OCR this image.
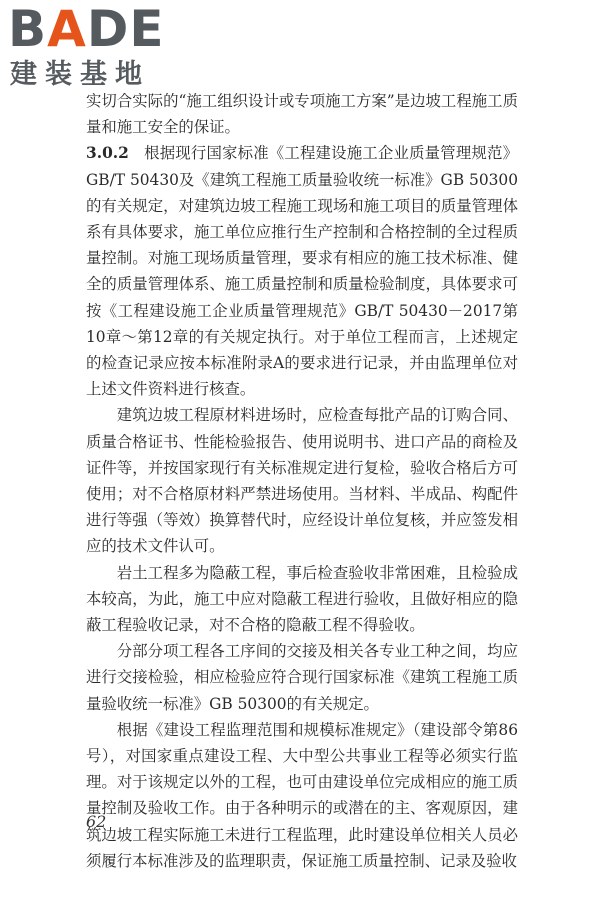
BADE
建装基地

实切合实际的“施工组织设计或专项施工方案”是边坡工程施工质量和施工安全的保证。

3.0.2 根据现行国家标准《工程建设施工企业质量管理规范》GB/T 50430及《建筑工程施工质量验收统一标准》GB 50300的有关规定，对建筑边坡工程施工现场和施工项目的质量管理体系有具体要求，施工单位应推行生产控制和合格控制的全过程质量控制。对施工现场质量管理，要求有相应的施工技术标准、健全的质量管理体系、施工质量控制和质量检验制度，具体要求可按《工程建设施工企业质量管理规范》GB/T 50430－2017第10章～第12章的有关规定执行。对于单位工程而言，上述规定的检查记录应按本标准附录A的要求进行记录，并由监理单位对上述文件资料进行核查。

建筑边坡工程原材料进场时，应检查每批产品的订购合同、质量合格证书、性能检验报告、使用说明书、进口产品的商检及证件等，并按国家现行有关标准规定进行复检，验收合格后方可使用；对不合格原材料严禁进场使用。当材料、半成品、构配件进行等强（等效）换算替代时，应经设计单位复核，并应签发相应的技术文件认可。

岩土工程多为隐蔽工程，事后检查验收非常困难，且检验成本较高，为此，施工中应对隐蔽工程进行验收，且做好相应的隐蔽工程验收记录，对不合格的隐蔽工程不得验收。

分部分项工程各工序间的交接及相关各专业工种之间，均应进行交接检验，相应检验应符合现行国家标准《建筑工程施工质量验收统一标准》GB 50300的有关规定。

根据《建设工程监理范围和规模标准规定》（建设部令第86号），对国家重点建设工程、大中型公共事业工程等必须实行监理。对于该规定以外的工程，也可由建设单位完成相应的施工质量控制及验收工作。由于各种明示的或潜在的主、客观原因，建筑边坡工程实际施工未进行工程监理，此时建设单位相关人员必须履行本标准涉及的监理职责，保证施工质量控制、记录及验收

62
